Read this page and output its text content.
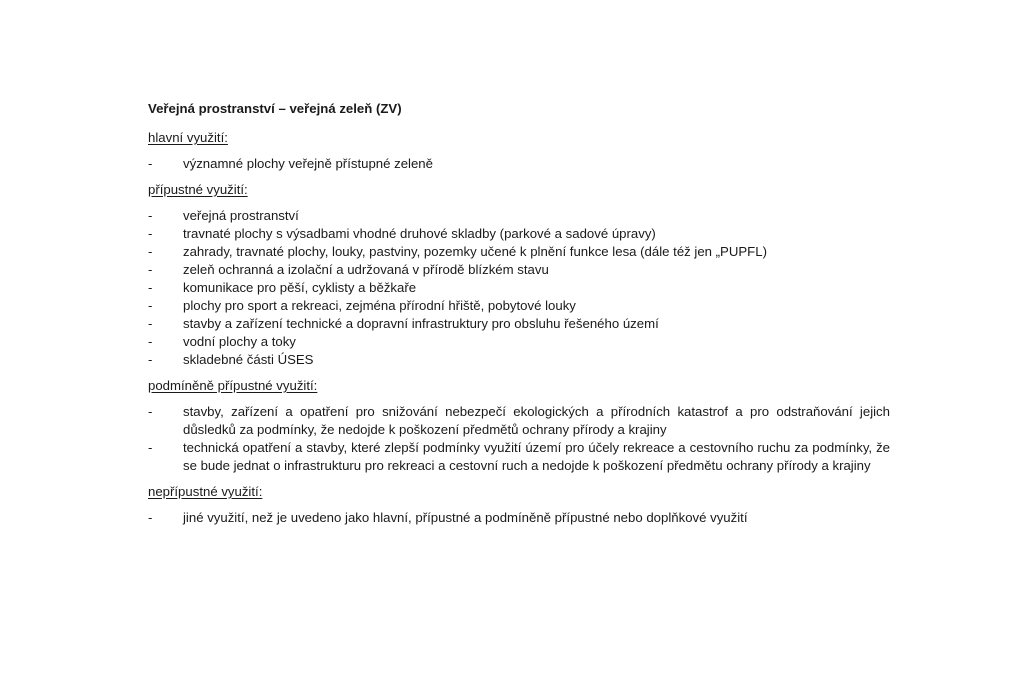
Veřejná prostranství – veřejná zeleň (ZV)
hlavní využití:
- významné plochy veřejně přístupné zeleně
přípustné využití:
- veřejná prostranství
- travnaté plochy s výsadbami vhodné druhové skladby (parkové a sadové úpravy)
- zahrady, travnaté plochy, louky, pastviny, pozemky učené k plnění funkce lesa (dále též jen „PUPFL)
- zeleň ochranná a izolační a udržovaná v přírodě blízkém stavu
- komunikace pro pěší, cyklisty a běžkaře
- plochy pro sport a rekreaci, zejména přírodní hřiště, pobytové louky
- stavby a zařízení technické a dopravní infrastruktury pro obsluhu řešeného území
- vodní plochy a toky
- skladebné části ÚSES
podmíněně přípustné využití:
- stavby, zařízení a opatření pro snižování nebezpečí ekologických a přírodních katastrof a pro odstraňování jejich důsledků za podmínky, že nedojde k poškození předmětů ochrany přírody a krajiny
- technická opatření a stavby, které zlepší podmínky využití území pro účely rekreace a cestovního ruchu za podmínky, že se bude jednat o infrastrukturu pro rekreaci a cestovní ruch a nedojde k poškození předmětu ochrany přírody a krajiny
nepřípustné využití:
- jiné využití, než je uvedeno jako hlavní, přípustné a podmíněně přípustné nebo doplňkové využití
